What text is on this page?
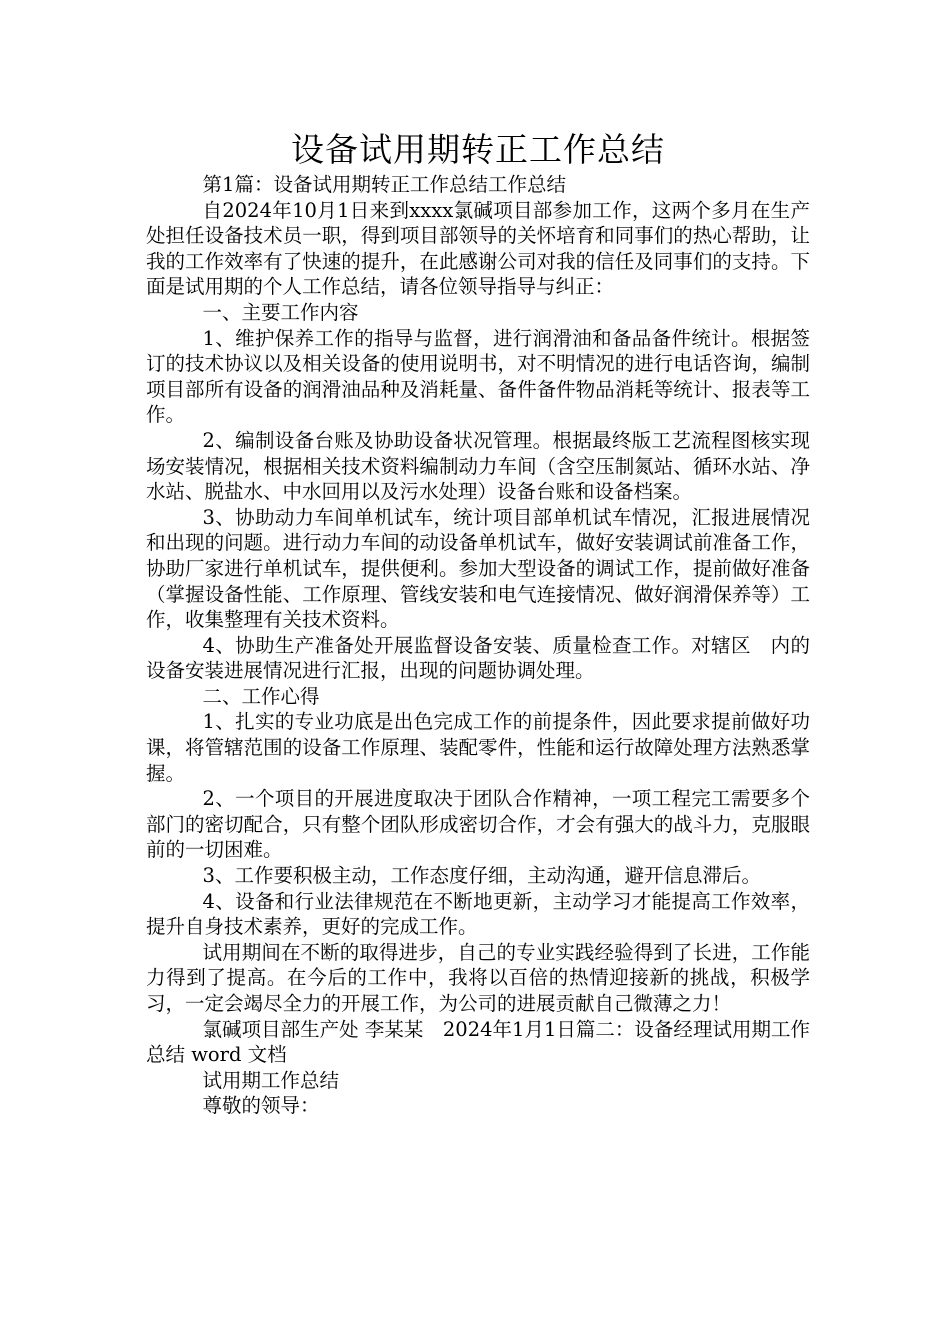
设备试用期转正工作总结

第1篇：设备试用期转正工作总结工作总结

自2024年10月1日来到xxxx氯碱项目部参加工作，这两个多月在生产处担任设备技术员一职，得到项目部领导的关怀培育和同事们的热心帮助，让我的工作效率有了快速的提升，在此感谢公司对我的信任及同事们的支持。下面是试用期的个人工作总结，请各位领导指导与纠正：

一、主要工作内容

1、维护保养工作的指导与监督，进行润滑油和备品备件统计。根据签订的技术协议以及相关设备的使用说明书，对不明情况的进行电话咨询，编制项目部所有设备的润滑油品种及消耗量、备件备件物品消耗等统计、报表等工作。

2、编制设备台账及协助设备状况管理。根据最终版工艺流程图核实现场安装情况，根据相关技术资料编制动力车间（含空压制氮站、循环水站、净水站、脱盐水、中水回用以及污水处理）设备台账和设备档案。

3、协助动力车间单机试车，统计项目部单机试车情况，汇报进展情况和出现的问题。进行动力车间的动设备单机试车，做好安装调试前准备工作，协助厂家进行单机试车，提供便利。参加大型设备的调试工作，提前做好准备（掌握设备性能、工作原理、管线安装和电气连接情况、做好润滑保养等）工作，收集整理有关技术资料。

4、协助生产准备处开展监督设备安装、质量检查工作。对辖区　内的设备安装进展情况进行汇报，出现的问题协调处理。

二、工作心得

1、扎实的专业功底是出色完成工作的前提条件，因此要求提前做好功课，将管辖范围的设备工作原理、装配零件，性能和运行故障处理方法熟悉掌握。

2、一个项目的开展进度取决于团队合作精神，一项工程完工需要多个部门的密切配合，只有整个团队形成密切合作，才会有强大的战斗力，克服眼前的一切困难。

3、工作要积极主动，工作态度仔细，主动沟通，避开信息滞后。

4、设备和行业法律规范在不断地更新，主动学习才能提高工作效率，提升自身技术素养，更好的完成工作。

试用期间在不断的取得进步，自己的专业实践经验得到了长进，工作能力得到了提高。在今后的工作中，我将以百倍的热情迎接新的挑战，积极学习，一定会竭尽全力的开展工作，为公司的进展贡献自己微薄之力！

氯碱项目部生产处 李某某　2024年1月1日篇二：设备经理试用期工作总结 word 文档

试用期工作总结

尊敬的领导：
